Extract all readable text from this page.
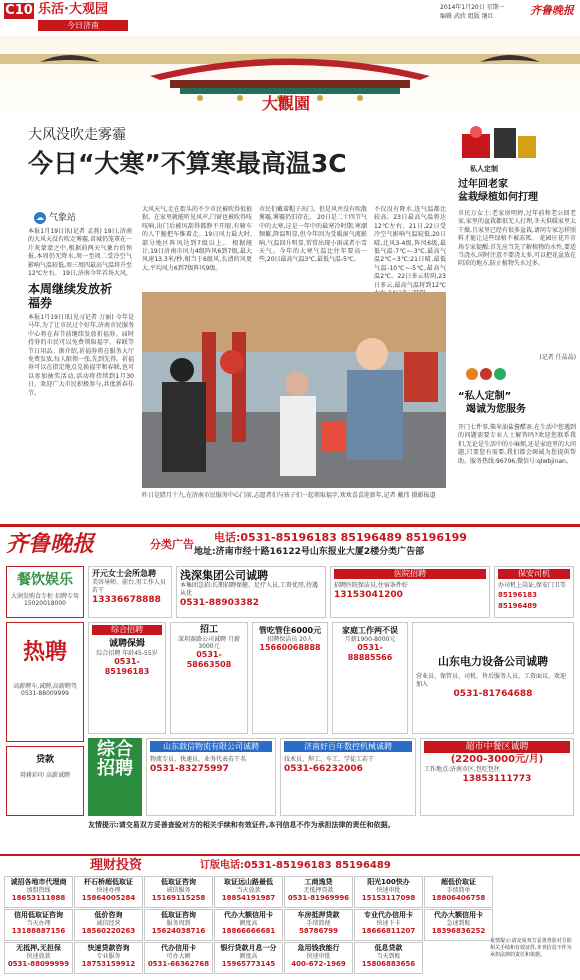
C10 乐活·大观园
今日济南
2014年1月20日 星期一
编辑 武欣 组版 继红	齐鲁晚报
大觀園
大风没吹走雾霾
今日“大寒”不算寒最高温3C
☁ 气象站
本报1月19日讯(记者 孟燕) 19日,济南的大风天没有吹走雾霾,省城仍笼罩在一片灰蒙蒙之中,根据前两天气象台的预报,本周仍无降水,周一至周二受冷空气影响气温较低,周三周四最高气温将升至12℃左右。 19日,济南今年首场大风,
大风天气,走在街头的不少市民被吹得很狼狈。在家里就能听见风声,门窗也被吹得吱吱响,出门后被风刮得都睁不开眼,有骑车的人干脆把车推着走。19日风力最大时,部分地区阵风达到7级以上。 根据统计,19日济南市风力4级阵风6到7级,最大风速13.3米/秒,相当于6级风,长清的风更大,平均风力6到7级阵风9级。
市民们戴着帽子出门。但是风并没有吹散雾霾,雾霾仍旧存在。 20日是二十四节气中的大寒,这是一年中的最寒冷时期,寒潮频繁,降温明显,但今年因为受暖湿气流影响,气温回升明显,常常出现小雨或者小雪天气。今年的大寒气温比往年要高一些,20日最高气温3℃,最低气温-5℃。
不仅没有降水,连气温都比较高。23日最高气温将达12℃左右。21日,22日受冷空气影响气温较低,20日晴,北风3-4级,阵风6级,最低气温-7℃~-3℃,最高气温2℃~3℃;21日晴,最低气温-10℃~-5℃,最高气温2℃。22日多云转阴,23日多云,最高气温将到12℃
私人定制
本周继续发放祈福券
本报1月19日讯(见习记者 万丽) 今年是马年,为了让市民过个好年,济南市民服务中心将在春节前继续发放祈福券。届时持券的市民可以免费领取福字、春联等节日用品。据介绍,祈福券将在服务大厅免费发放,每人限领一张,先到先得。祈福券可以在指定地点兑换福字和春联,也可以参加抽奖活动,活动将持续到1月30日。欢迎广大市民积极参与,共度新春佳节。
昨日是腊月十九,在济南市民服务中心门前,志愿者们与孩子们一起领取福字,欢欢喜喜迎新年,记者 戴伟 摄影报道
过年回老家
盆栽绿植如何打理
市民万女士:老家房明婷,过年前和老公回老家,家里的盆栽都很无人打理,冬天供暖家里太干燥,且家里已经有很多盆栽,请问专家怎样照料才能让这些绿植不被冻死。 花园庄花卉市场专家提醒:首先应当先了解植物的水性,要适当浇水,同时注意不要浇太多,可以把花盆放在阴凉的地方,防止植物失水过多。
(记者 任晶晶)
“私人定制”
竭诚为您服务
开门七件事,柴米油盐酱醋茶,在生活中您遇到的问题需要专业人士解答吗?欢迎您联系我们,无论是生活中的小麻烦,还是家庭里的大问题,只要您有需要,我们都会竭诚为您提供帮助。服务热线:96706,微信号:qlwbjinan。
齐鲁晚报	分类广告
电话:0531-85196183 85196489 85196199
地址:济南市经十路16122号山东报业大厦2楼分类广告部
餐饮娱乐
大润发购食专柜 招聘专用 15020018000
热聘
高薪聘车,诚聘,高薪聘驾 0531-88009999
贷款
舜耕彩印 高薪诚聘
开元女士会所急聘
美容导师、前台,男工作人员若干
13336678888
浅深集团公司诚聘
本集团急招:长期招聘保健、足疗人员,工资优厚,待遇从优
0531-88903382
医院招聘
招聘医院保洁员,住宿条件好
13153041200
保安司机
办司机上岗证,保安门卫等
85196183 85196489
综合招聘
诚聘保姆
综合招聘 年龄45-55岁
0531-85196183
招工
深圳赛路公司诚聘 月薪3000元
0531-58663508
管吃管住6000元
招聘保洁员 20人
15660068888
家庭工作两不误
月薪1900-8000元
0531-88885566	山东电力设备公司诚聘
营业员、保管员、司机、售后服务人员、工资面议、欢迎加入
0531-81764688
综合招聘
山东载信物流有限公司诚聘
物流专员、快递员、业务代表若干名
0531-83275997
济南好百年数控机械诚聘
技术员、焊工、车工、学徒工若干
0531-66232006
超市中餐区诚聘
(2200-3000元/月)
工作地点:济南市区,包吃包住
13853111773
友情提示:请交易双方妥善查验对方的相关手续和有效证件,本刊信息不作为承担法律的责任和依据。
理财投资	订版电话:0531-85196183 85196489
诚招各地市代理商
加盟热线
18653111888
杆石桥超低取证
快速办理
15864005284
低取证咨询
诚信服务
15169115258
取证远山路最低
当天放款
18854191987
工商逸贷
无抵押贷款
0531-81969996
阳光100快办
快速审批
15153117098
超低价取证
手续简单
18806406758
信用低取证咨询
当天办理
13188887156
低价咨询
诚信经营
18560220263
低取证咨询
服务周到
15624038716
代办大额信用卡
额度高
18866666681
车房抵押贷款
手续简便
58786799
专业代办信用卡
快速下卡
18666811207
代办大额信用卡
急速到账
18396836252
无抵押,无担保
快速放款
0531-88099999
快速贷款咨询
专业服务
18753159912
代办信用卡
可办大额
0531-66362768
银行贷款月息一分
额度高
15965773145
急用钱我能行
快速审批
400-672-1969
低息贷款
当天到账
15806883656
友情提示:请交易双方妥善查验对方的相关手续和有效证件,本刊信息不作为承担法律的责任和依据。
